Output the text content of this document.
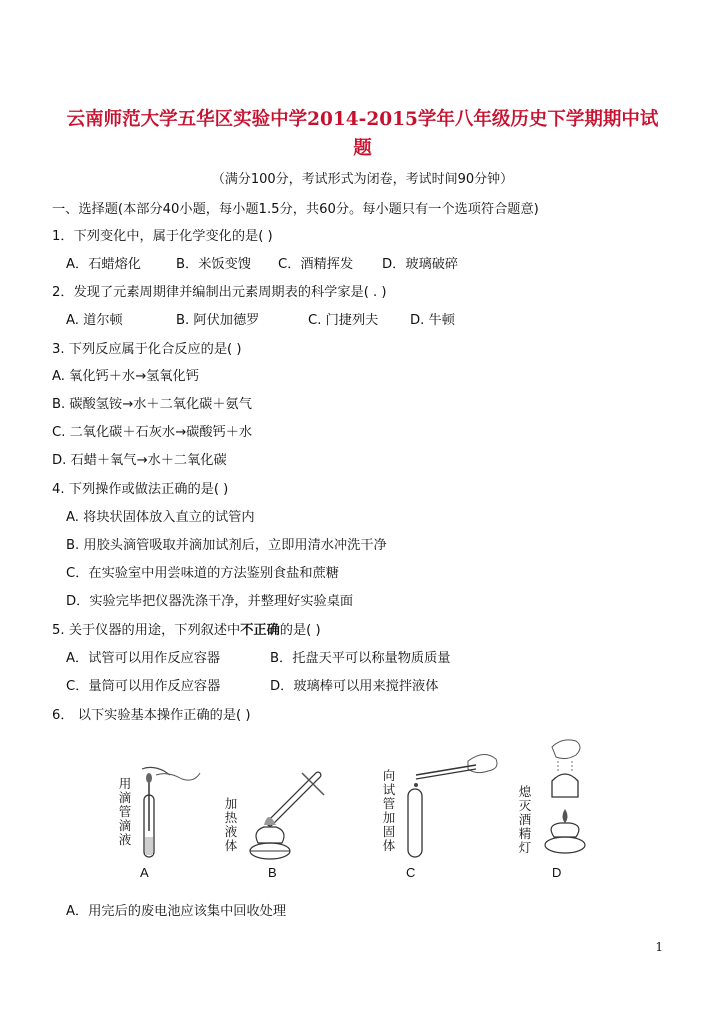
云南师范大学五华区实验中学2014-2015学年八年级历史下学期期中试
题
（满分100分，考试形式为闭卷，考试时间90分钟）
一、选择题(本部分40小题，每小题1.5分，共60分。每小题只有一个选项符合题意)
1．下列变化中，属于化学变化的是( )
A．石蜡熔化	B．米饭变馊 C．酒精挥发 D．玻璃破碎
2．发现了元素周期律并编制出元素周期表的科学家是( . )
A. 道尔顿	B. 阿伏加德罗	C. 门捷列夫 D. 牛顿
3. 下列反应属于化合反应的是( )
A. 氧化钙＋水→氢氧化钙
B. 碳酸氢铵→水＋二氧化碳＋氨气
C. 二氧化碳＋石灰水→碳酸钙＋水
D. 石蜡＋氧气→水＋二氧化碳
4. 下列操作或做法正确的是( )
A. 将块状固体放入直立的试管内
B. 用胶头滴管吸取并滴加试剂后，立即用清水冲洗干净
C．在实验室中用尝味道的方法鉴别食盐和蔗糖
D．实验完毕把仪器洗涤干净，并整理好实验桌面
5. 关于仪器的用途，下列叙述中不正确的是( )
A．试管可以用作反应容器	B．托盘天平可以称量物质质量
C．量筒可以用作反应容器	D．玻璃棒可以用来搅拌液体
6． 以下实验基本操作正确的是( )
用
滴
管
滴
液
A
加
热
液
体
B
向
试
管
加
固
体
C
熄
灭
酒
精
灯
D
A．用完后的废电池应该集中回收处理
1
